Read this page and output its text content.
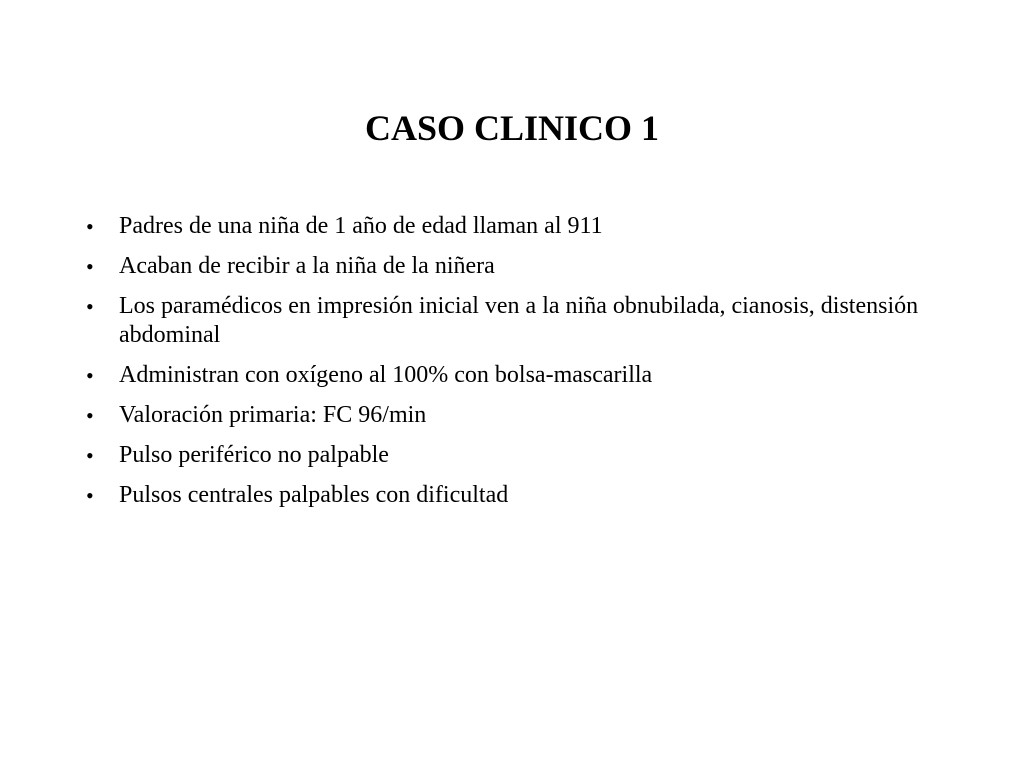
CASO CLINICO 1
•	Padres de una niña de 1 año de edad llaman al 911
•	Acaban de recibir a la niña de la niñera
•	Los paramédicos en impresión inicial ven a la niña obnubilada, cianosis, distensión abdominal
•	Administran con oxígeno al 100% con bolsa-mascarilla
•	Valoración primaria: FC 96/min
•	Pulso periférico no palpable
•	Pulsos centrales palpables con dificultad
